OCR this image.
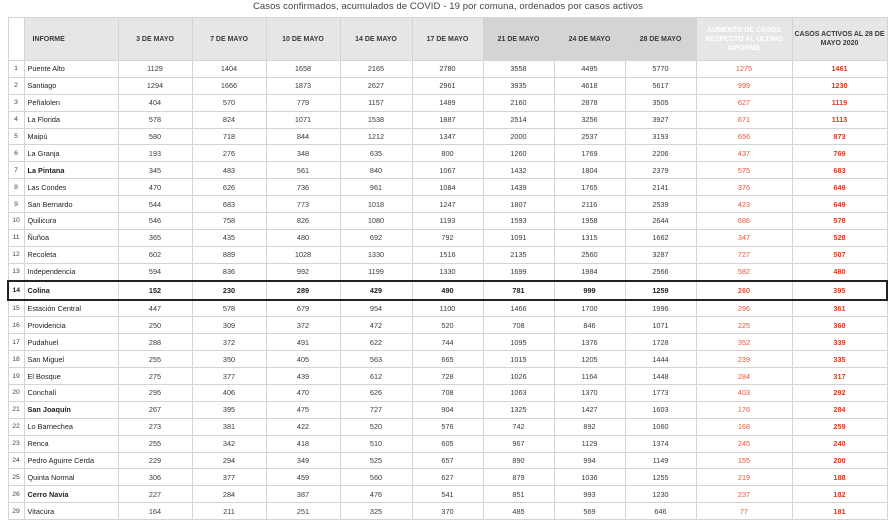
Casos confirmados, acumulados de COVID - 19 por comuna, ordenados por casos activos
	INFORME	3 DE MAYO	7 DE MAYO	10 DE MAYO	14 DE MAYO	17 DE MAYO	21 DE MAYO	24 DE MAYO	28 DE MAYO	AUMENTO DE CASOS RESPECTO AL ÚLTIMO INFORME	CASOS ACTIVOS AL 28 DE MAYO 2020
1	Puente Alto	1129	1404	1658	2165	2780	3558	4495	5770	1275	1461
2	Santiago	1294	1666	1873	2627	2961	3935	4618	5617	999	1230
3	Peñalolen	404	570	779	1157	1489	2160	2878	3505	627	1119
4	La Florida	578	824	1071	1538	1887	2514	3256	3927	671	1113
5	Maipú	580	718	844	1212	1347	2000	2537	3193	656	873
6	La Granja	193	276	348	635	800	1260	1769	2206	437	769
7	La Pintana	345	483	561	840	1067	1432	1804	2379	575	683
8	Las Condes	470	626	736	961	1084	1439	1765	2141	376	649
9	San Bernardo	544	683	773	1018	1247	1807	2116	2539	423	649
10	Quilicura	546	758	826	1080	1193	1593	1958	2644	686	578
11	Ñuñoa	365	435	480	692	792	1091	1315	1662	347	528
12	Recoleta	602	889	1028	1330	1516	2135	2560	3287	727	507
13	Independencia	594	836	992	1199	1330	1699	1984	2566	582	480
14	Colina	152	230	289	429	490	781	999	1259	260	395
15	Estación Central	447	578	679	954	1100	1466	1700	1996	296	361
16	Providencia	250	309	372	472	520	708	846	1071	225	360
17	Pudahuel	288	372	491	622	744	1095	1376	1728	352	339
18	San Miguel	255	350	405	563	665	1015	1205	1444	239	335
19	El Bosque	275	377	439	612	728	1026	1164	1448	284	317
20	Conchalí	295	406	470	626	708	1063	1370	1773	403	292
21	San Joaquín	267	395	475	727	904	1325	1427	1603	176	284
22	Lo Barnechea	273	381	422	520	576	742	892	1060	168	259
23	Renca	255	342	418	510	605	967	1129	1374	245	240
24	Pedro Aguirre Cerda	229	294	349	525	657	890	994	1149	155	200
25	Quinta Normal	306	377	459	560	627	879	1036	1255	219	188
26	Cerro Navia	227	284	387	476	541	851	993	1230	237	182
29	Vitacura	164	211	251	325	370	485	569	646	77	181
